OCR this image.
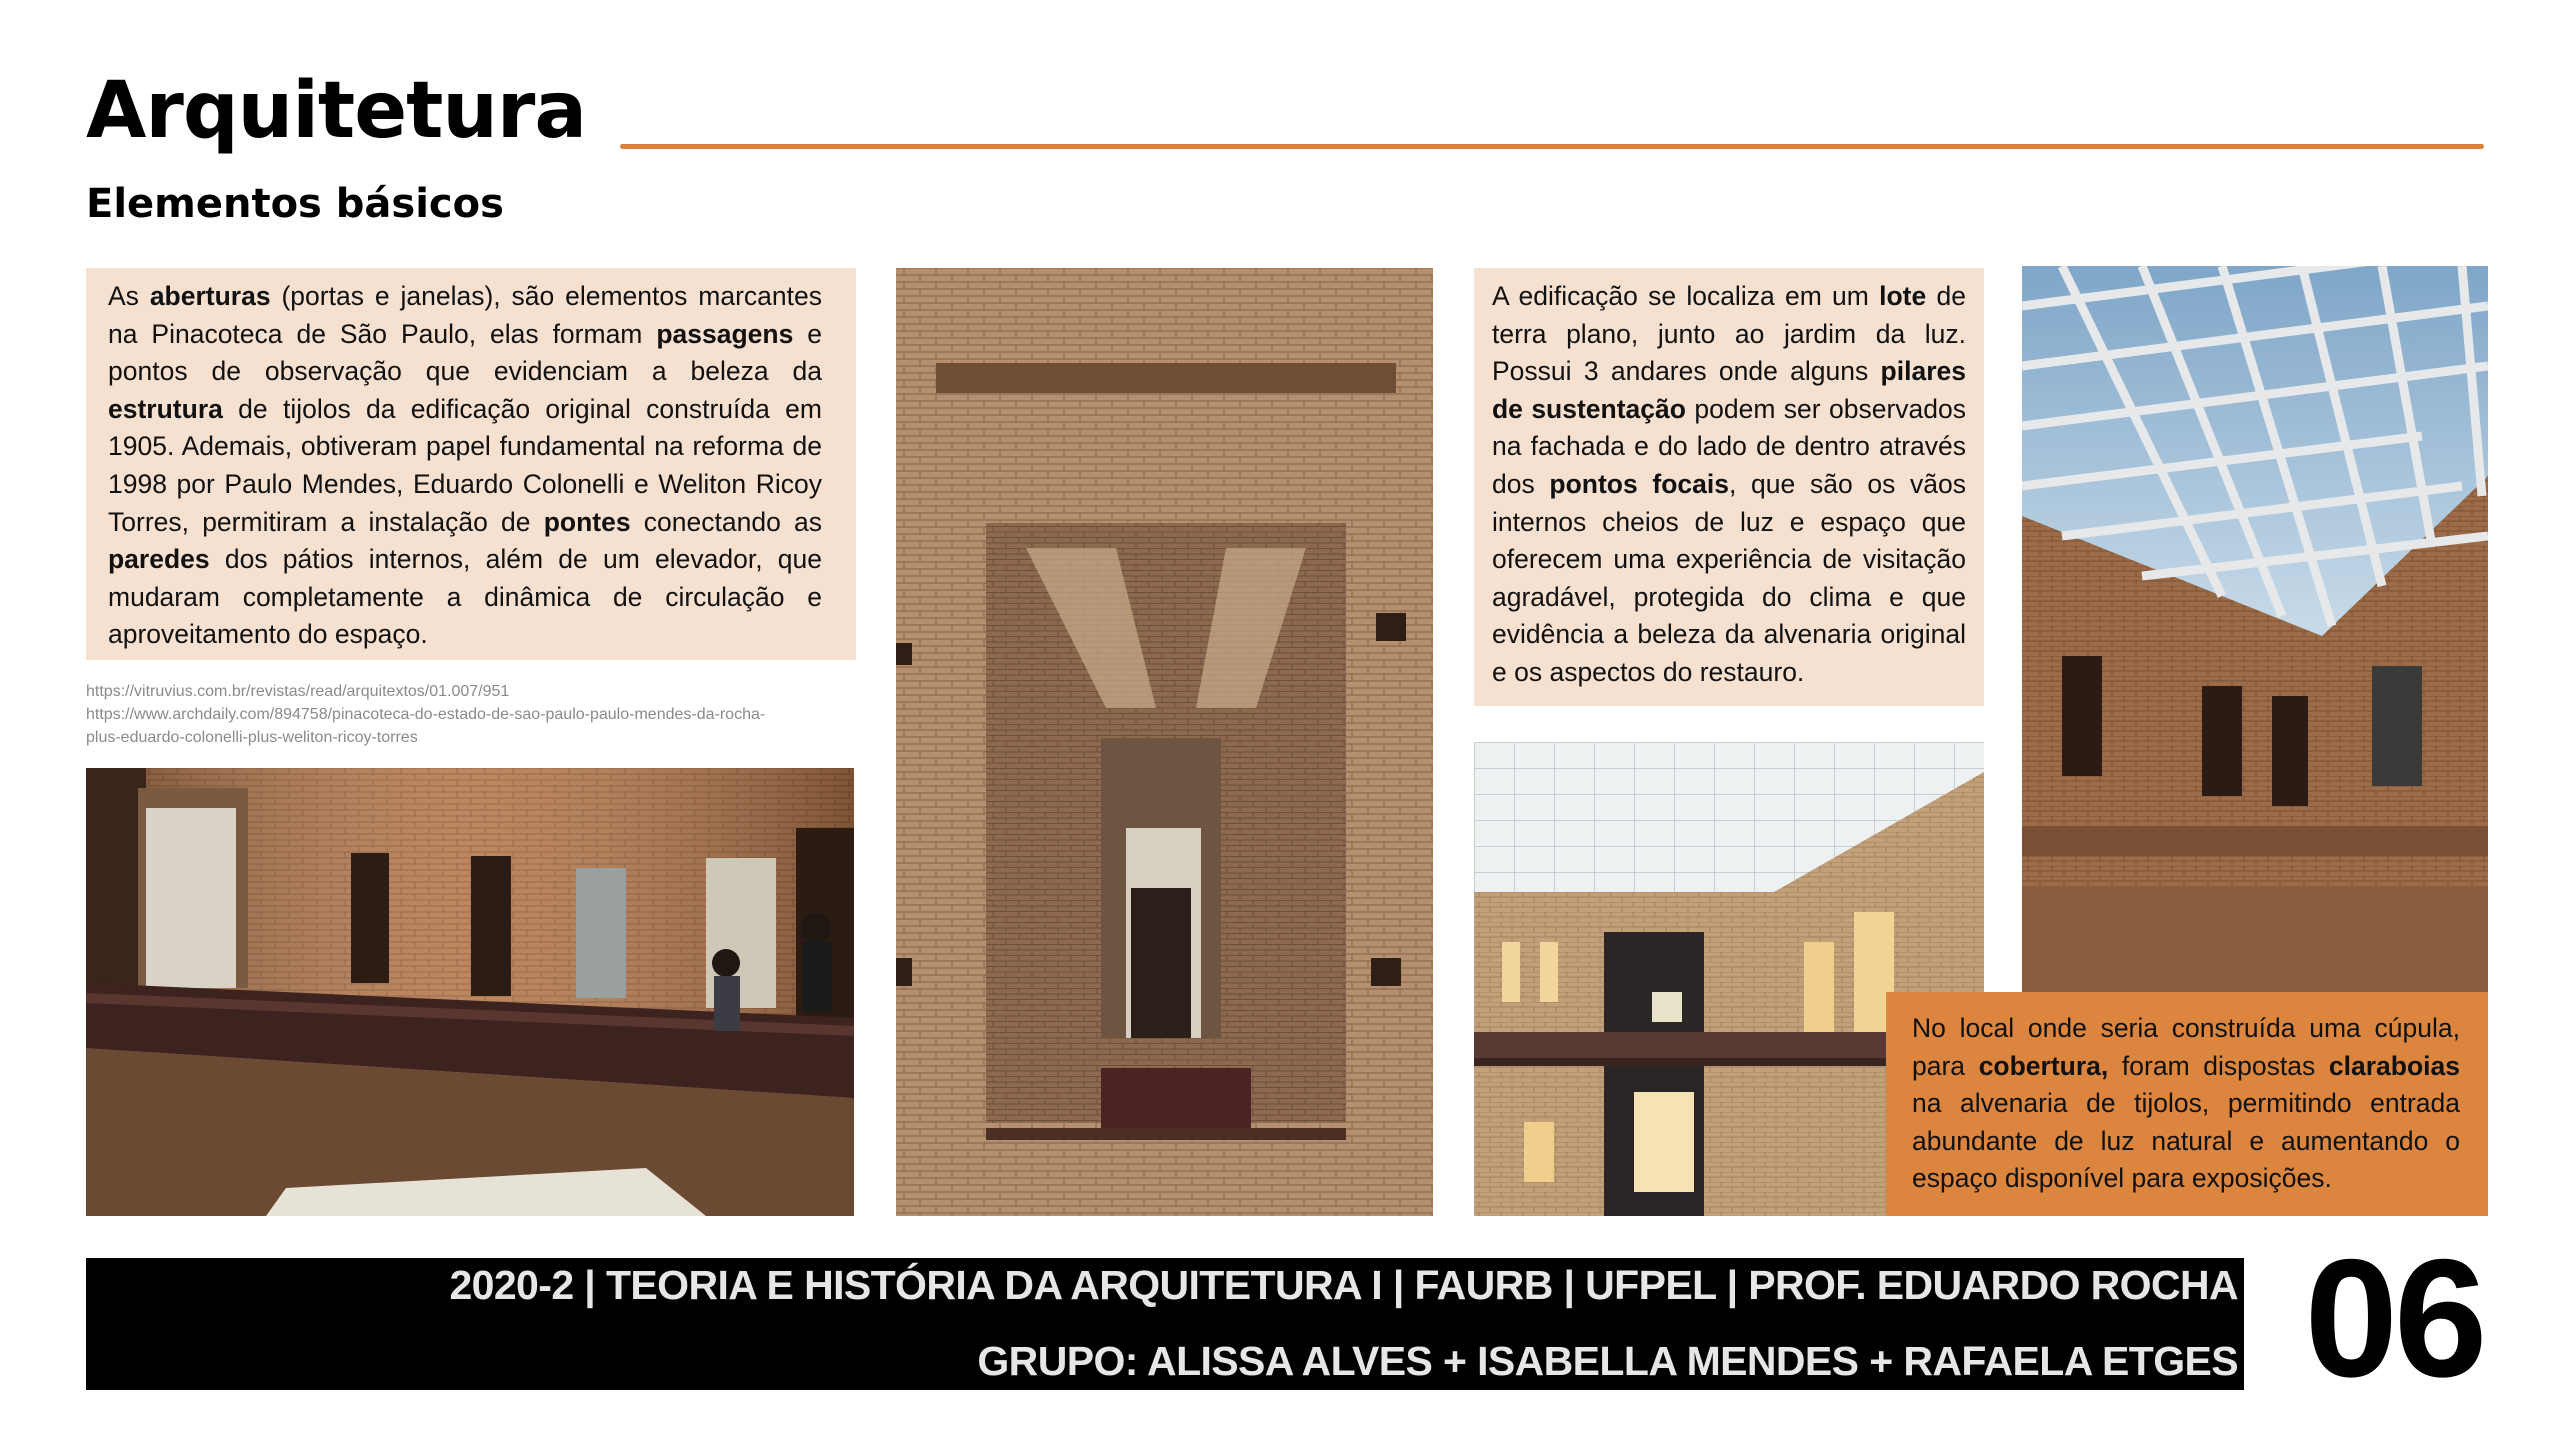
Arquitetura
Elementos básicos

As aberturas (portas e janelas), são elementos marcantes na Pinacoteca de São Paulo, elas formam passagens e pontos de observação que evidenciam a beleza da estrutura de tijolos da edificação original construída em 1905. Ademais, obtiveram papel fundamental na reforma de 1998 por Paulo Mendes, Eduardo Colonelli e Weliton Ricoy Torres, permitiram a instalação de pontes conectando as paredes dos pátios internos, além de um elevador, que mudaram completamente a dinâmica de circulação e aproveitamento do espaço.

https://vitruvius.com.br/revistas/read/arquitextos/01.007/951
https://www.archdaily.com/894758/pinacoteca-do-estado-de-sao-paulo-paulo-mendes-da-rocha-
plus-eduardo-colonelli-plus-weliton-ricoy-torres

A edificação se localiza em um lote de terra plano, junto ao jardim da luz. Possui 3 andares onde alguns pilares de sustentação podem ser observados na fachada e do lado de dentro através dos pontos focais, que são os vãos internos cheios de luz e espaço que oferecem uma experiência de visitação agradável, protegida do clima e que evidência a beleza da alvenaria original e os aspectos do restauro.

No local onde seria construída uma cúpula, para cobertura, foram dispostas claraboias na alvenaria de tijolos, permitindo entrada abundante de luz natural e aumentando o espaço disponível para exposições.

2020-2 | TEORIA E HISTÓRIA DA ARQUITETURA I | FAURB | UFPEL | PROF. EDUARDO ROCHA
GRUPO: ALISSA ALVES + ISABELLA MENDES + RAFAELA ETGES 06
